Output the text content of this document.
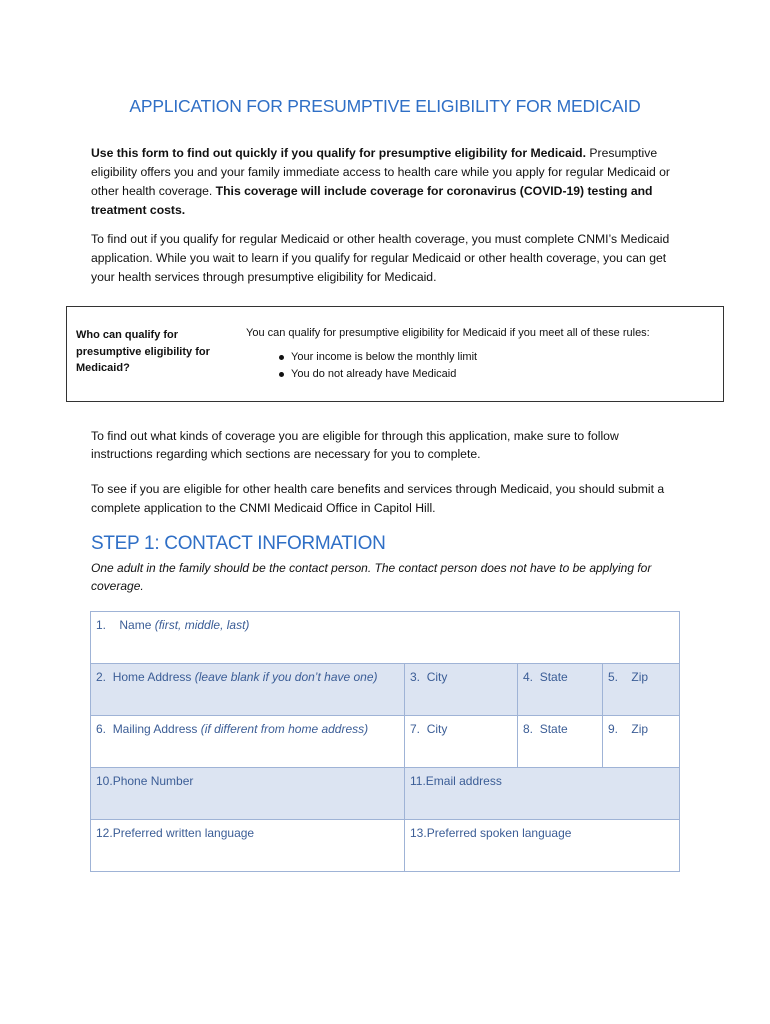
APPLICATION FOR PRESUMPTIVE ELIGIBILITY FOR MEDICAID
Use this form to find out quickly if you qualify for presumptive eligibility for Medicaid. Presumptive eligibility offers you and your family immediate access to health care while you apply for regular Medicaid or other health coverage. This coverage will include coverage for coronavirus (COVID-19) testing and treatment costs.
To find out if you qualify for regular Medicaid or other health coverage, you must complete CNMI’s Medicaid application. While you wait to learn if you qualify for regular Medicaid or other health coverage, you can get your health services through presumptive eligibility for Medicaid.
Who can qualify for presumptive eligibility for Medicaid?
You can qualify for presumptive eligibility for Medicaid if you meet all of these rules:
Your income is below the monthly limit
You do not already have Medicaid
To find out what kinds of coverage you are eligible for through this application, make sure to follow instructions regarding which sections are necessary for you to complete.
To see if you are eligible for other health care benefits and services through Medicaid, you should submit a complete application to the CNMI Medicaid Office in Capitol Hill.
STEP 1: CONTACT INFORMATION
One adult in the family should be the contact person. The contact person does not have to be applying for coverage.
1. Name (first, middle, last)			
2. Home Address (leave blank if you don’t have one)	3. City	4. State	5. Zip
6. Mailing Address (if different from home address)	7. City	8. State	9. Zip
10.Phone Number	11.Email address		
12.Preferred written language	13.Preferred spoken language		
